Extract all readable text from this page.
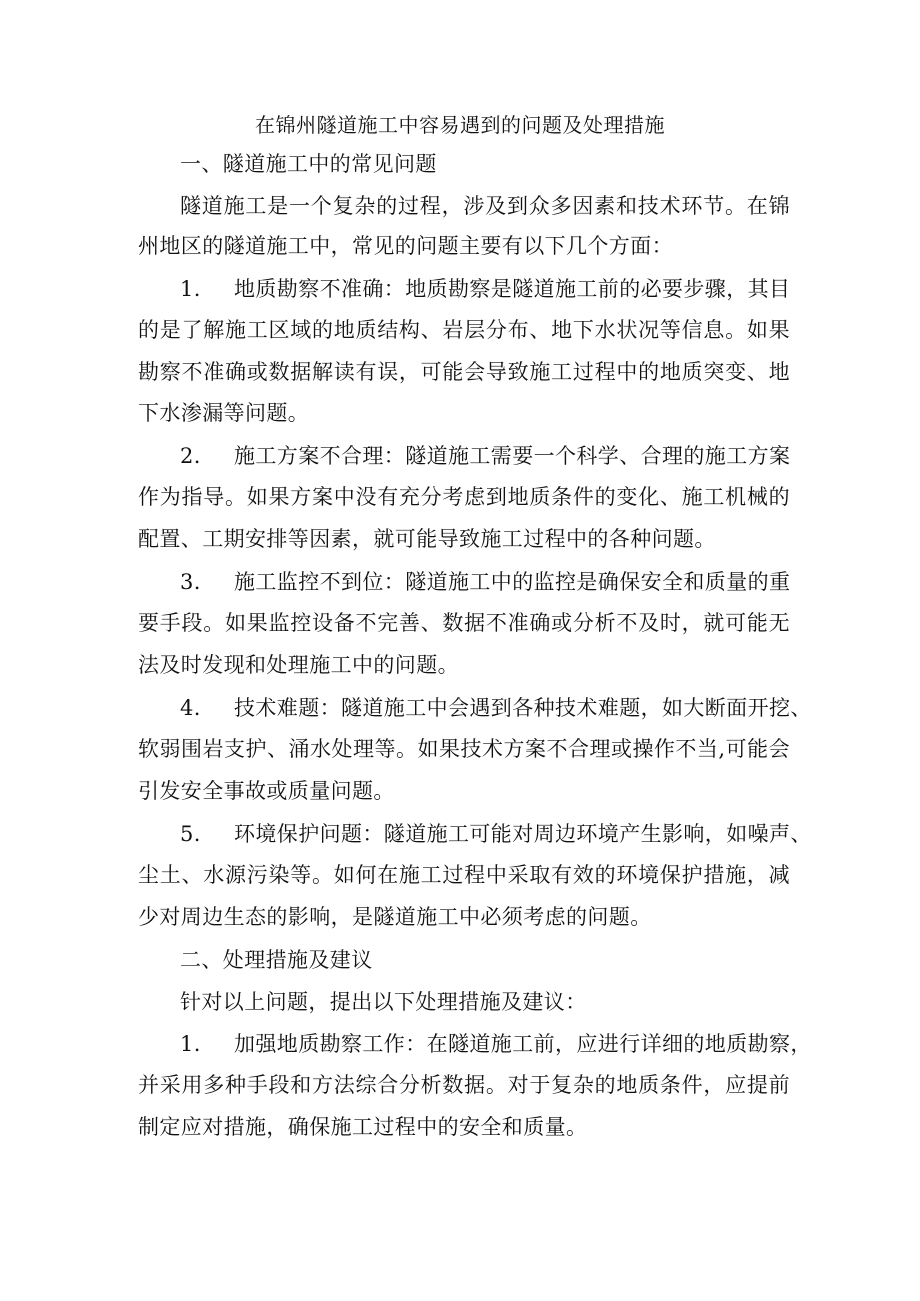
在锦州隧道施工中容易遇到的问题及处理措施
一、隧道施工中的常见问题
隧道施工是一个复杂的过程，涉及到众多因素和技术环节。在锦
州地区的隧道施工中，常见的问题主要有以下几个方面：
1. 地质勘察不准确：地质勘察是隧道施工前的必要步骤，其目
的是了解施工区域的地质结构、岩层分布、地下水状况等信息。如果
勘察不准确或数据解读有误，可能会导致施工过程中的地质突变、地
下水渗漏等问题。
2. 施工方案不合理：隧道施工需要一个科学、合理的施工方案
作为指导。如果方案中没有充分考虑到地质条件的变化、施工机械的
配置、工期安排等因素，就可能导致施工过程中的各种问题。
3. 施工监控不到位：隧道施工中的监控是确保安全和质量的重
要手段。如果监控设备不完善、数据不准确或分析不及时，就可能无
法及时发现和处理施工中的问题。
4. 技术难题：隧道施工中会遇到各种技术难题，如大断面开挖、
软弱围岩支护、涌水处理等。如果技术方案不合理或操作不当,可能会
引发安全事故或质量问题。
5. 环境保护问题：隧道施工可能对周边环境产生影响，如噪声、
尘土、水源污染等。如何在施工过程中采取有效的环境保护措施，减
少对周边生态的影响，是隧道施工中必须考虑的问题。
二、处理措施及建议
针对以上问题，提出以下处理措施及建议：
1. 加强地质勘察工作：在隧道施工前，应进行详细的地质勘察，
并采用多种手段和方法综合分析数据。对于复杂的地质条件，应提前
制定应对措施，确保施工过程中的安全和质量。
